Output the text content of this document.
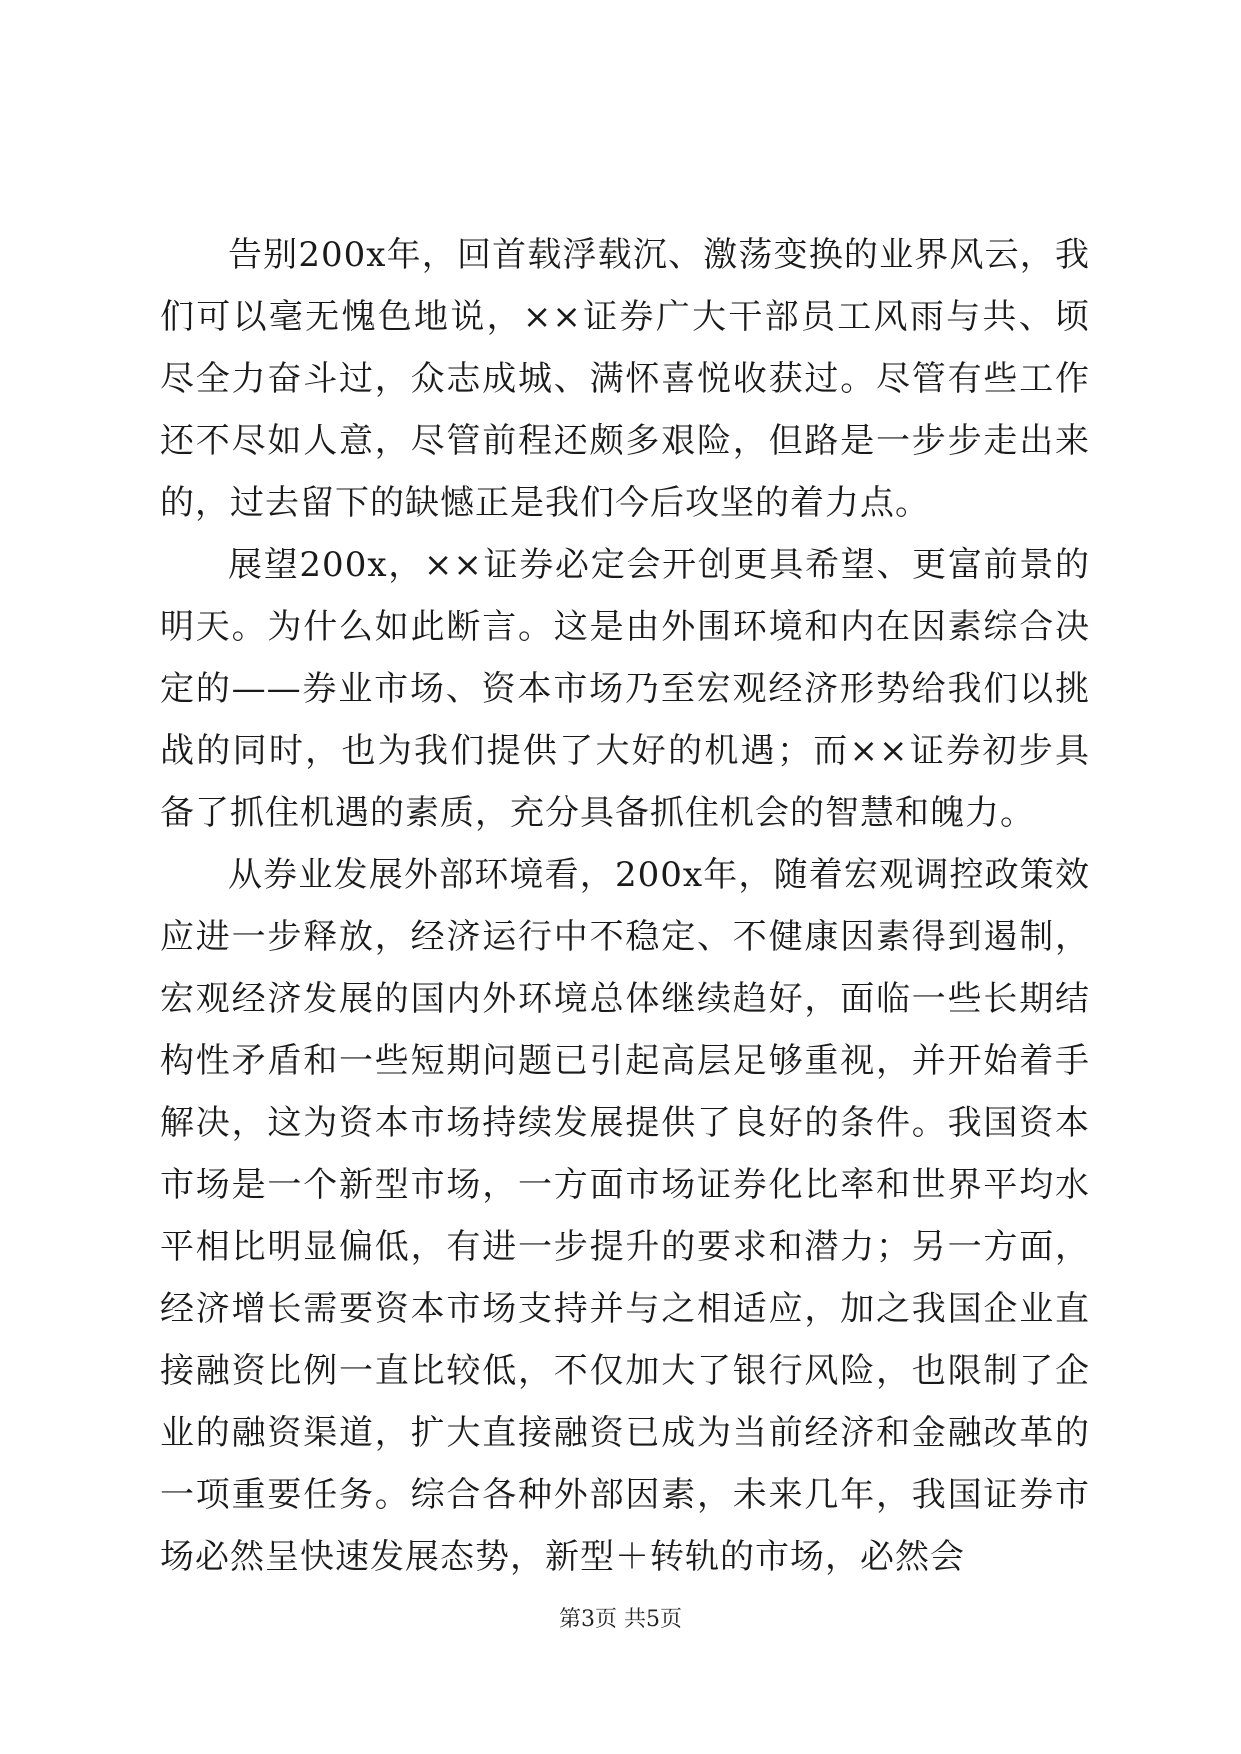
告别200x年，回首载浮载沉、激荡变换的业界风云，我们可以毫无愧色地说，××证券广大干部员工风雨与共、顷尽全力奋斗过，众志成城、满怀喜悦收获过。尽管有些工作还不尽如人意，尽管前程还颇多艰险，但路是一步步走出来的，过去留下的缺憾正是我们今后攻坚的着力点。

展望200x，××证券必定会开创更具希望、更富前景的明天。为什么如此断言。这是由外围环境和内在因素综合决定的——券业市场、资本市场乃至宏观经济形势给我们以挑战的同时，也为我们提供了大好的机遇；而××证券初步具备了抓住机遇的素质，充分具备抓住机会的智慧和魄力。

从券业发展外部环境看，200x年，随着宏观调控政策效应进一步释放，经济运行中不稳定、不健康因素得到遏制，宏观经济发展的国内外环境总体继续趋好，面临一些长期结构性矛盾和一些短期问题已引起高层足够重视，并开始着手解决，这为资本市场持续发展提供了良好的条件。我国资本市场是一个新型市场，一方面市场证券化比率和世界平均水平相比明显偏低，有进一步提升的要求和潜力；另一方面，经济增长需要资本市场支持并与之相适应，加之我国企业直接融资比例一直比较低，不仅加大了银行风险，也限制了企业的融资渠道，扩大直接融资已成为当前经济和金融改革的一项重要任务。综合各种外部因素，未来几年，我国证券市场必然呈快速发展态势，新型＋转轨的市场，必然会

第3页 共5页
